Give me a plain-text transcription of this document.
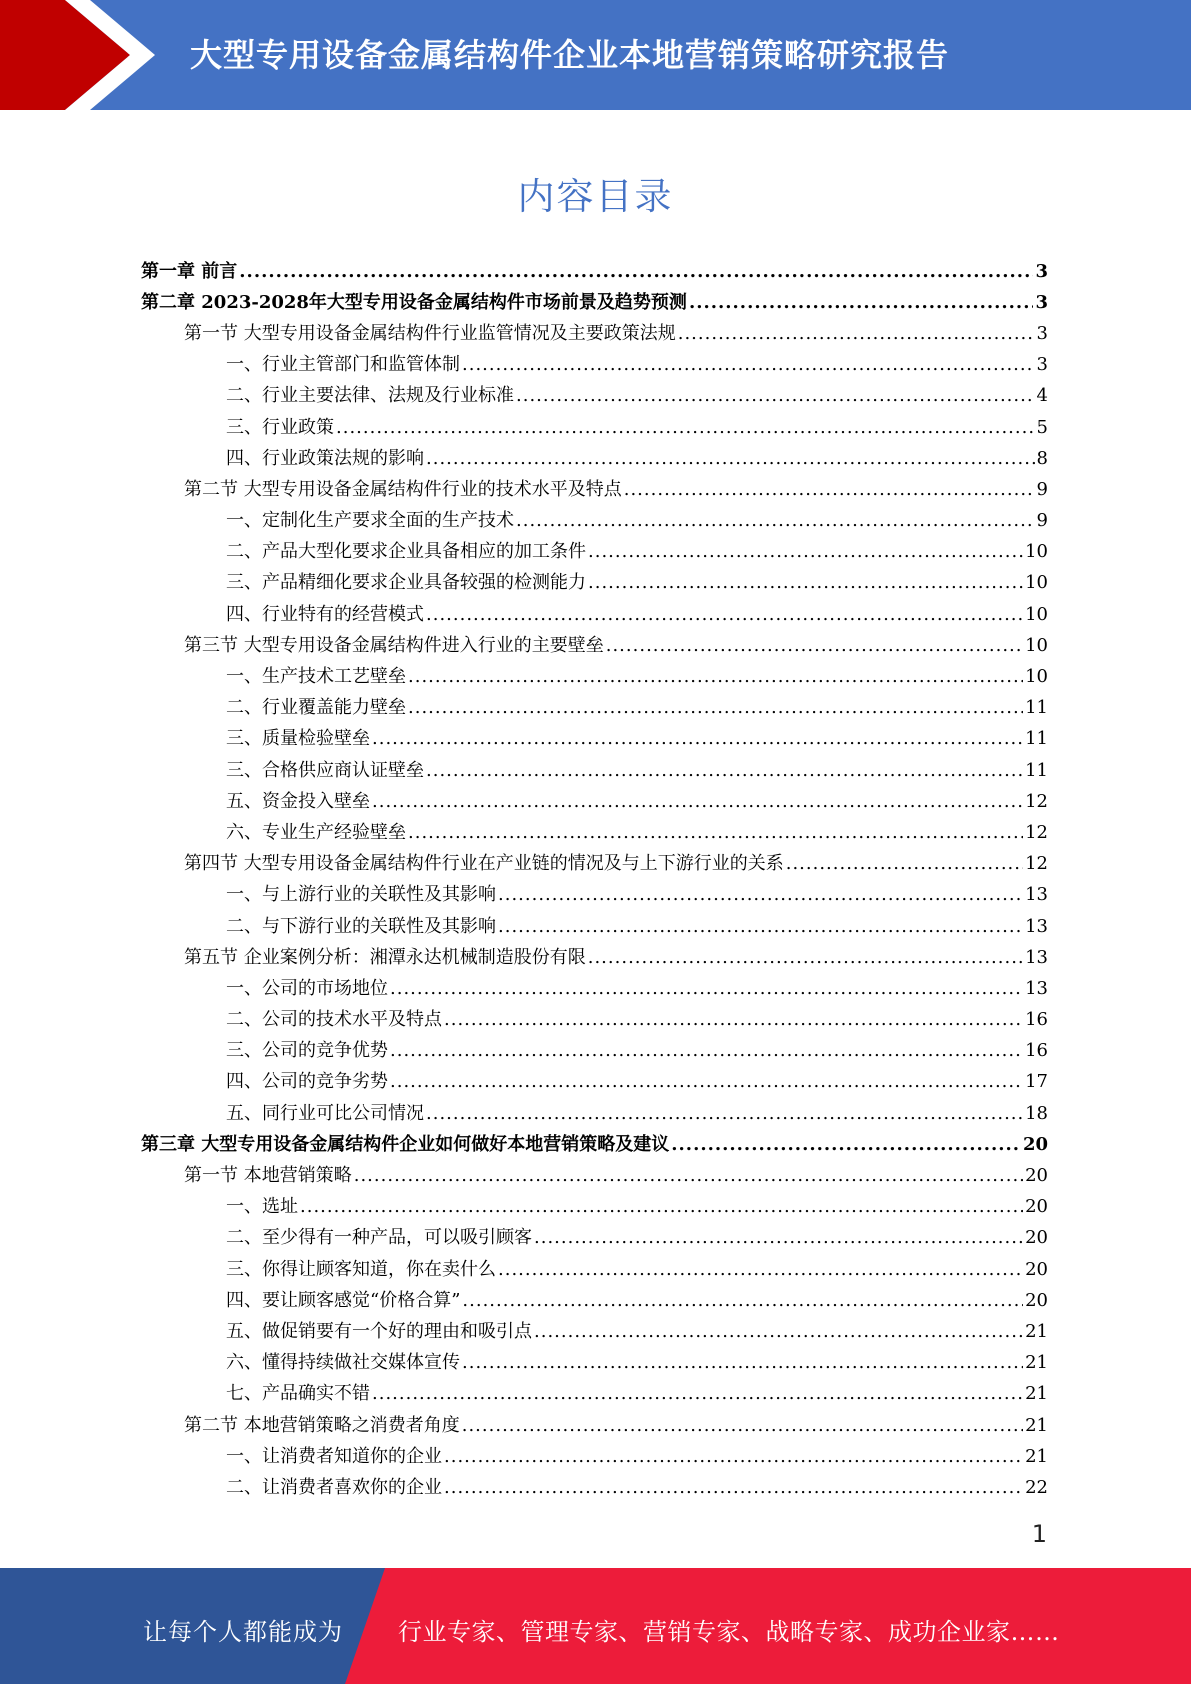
大型专用设备金属结构件企业本地营销策略研究报告
内容目录
第一章 前言 .....	3
第二章 2023-2028年大型专用设备金属结构件市场前景及趋势预测 .....	3
第一节 大型专用设备金属结构件行业监管情况及主要政策法规 .....	3
一、行业主管部门和监管体制 .....	3
二、行业主要法律、法规及行业标准 .....	4
三、行业政策 .....	5
四、行业政策法规的影响 .....	8
第二节 大型专用设备金属结构件行业的技术水平及特点 .....	9
一、定制化生产要求全面的生产技术 .....	9
二、产品大型化要求企业具备相应的加工条件 .....	10
三、产品精细化要求企业具备较强的检测能力 .....	10
四、行业特有的经营模式 .....	10
第三节 大型专用设备金属结构件进入行业的主要壁垒 .....	10
一、生产技术工艺壁垒 .....	10
二、行业覆盖能力壁垒 .....	11
三、质量检验壁垒 .....	11
三、合格供应商认证壁垒 .....	11
五、资金投入壁垒 .....	12
六、专业生产经验壁垒 .....	12
第四节 大型专用设备金属结构件行业在产业链的情况及与上下游行业的关系 .....	12
一、与上游行业的关联性及其影响 .....	13
二、与下游行业的关联性及其影响 .....	13
第五节 企业案例分析：湘潭永达机械制造股份有限 .....	13
一、公司的市场地位 .....	13
二、公司的技术水平及特点 .....	16
三、公司的竞争优势 .....	16
四、公司的竞争劣势 .....	17
五、同行业可比公司情况 .....	18
第三章 大型专用设备金属结构件企业如何做好本地营销策略及建议 .....	20
第一节 本地营销策略 .....	20
一、选址 .....	20
二、至少得有一种产品，可以吸引顾客 .....	20
三、你得让顾客知道，你在卖什么 .....	20
四、要让顾客感觉“价格合算” .....	20
五、做促销要有一个好的理由和吸引点 .....	21
六、懂得持续做社交媒体宣传 .....	21
七、产品确实不错 .....	21
第二节 本地营销策略之消费者角度 .....	21
一、让消费者知道你的企业 .....	21
二、让消费者喜欢你的企业 .....	22
1
让每个人都能成为 行业专家、管理专家、营销专家、战略专家、成功企业家……
